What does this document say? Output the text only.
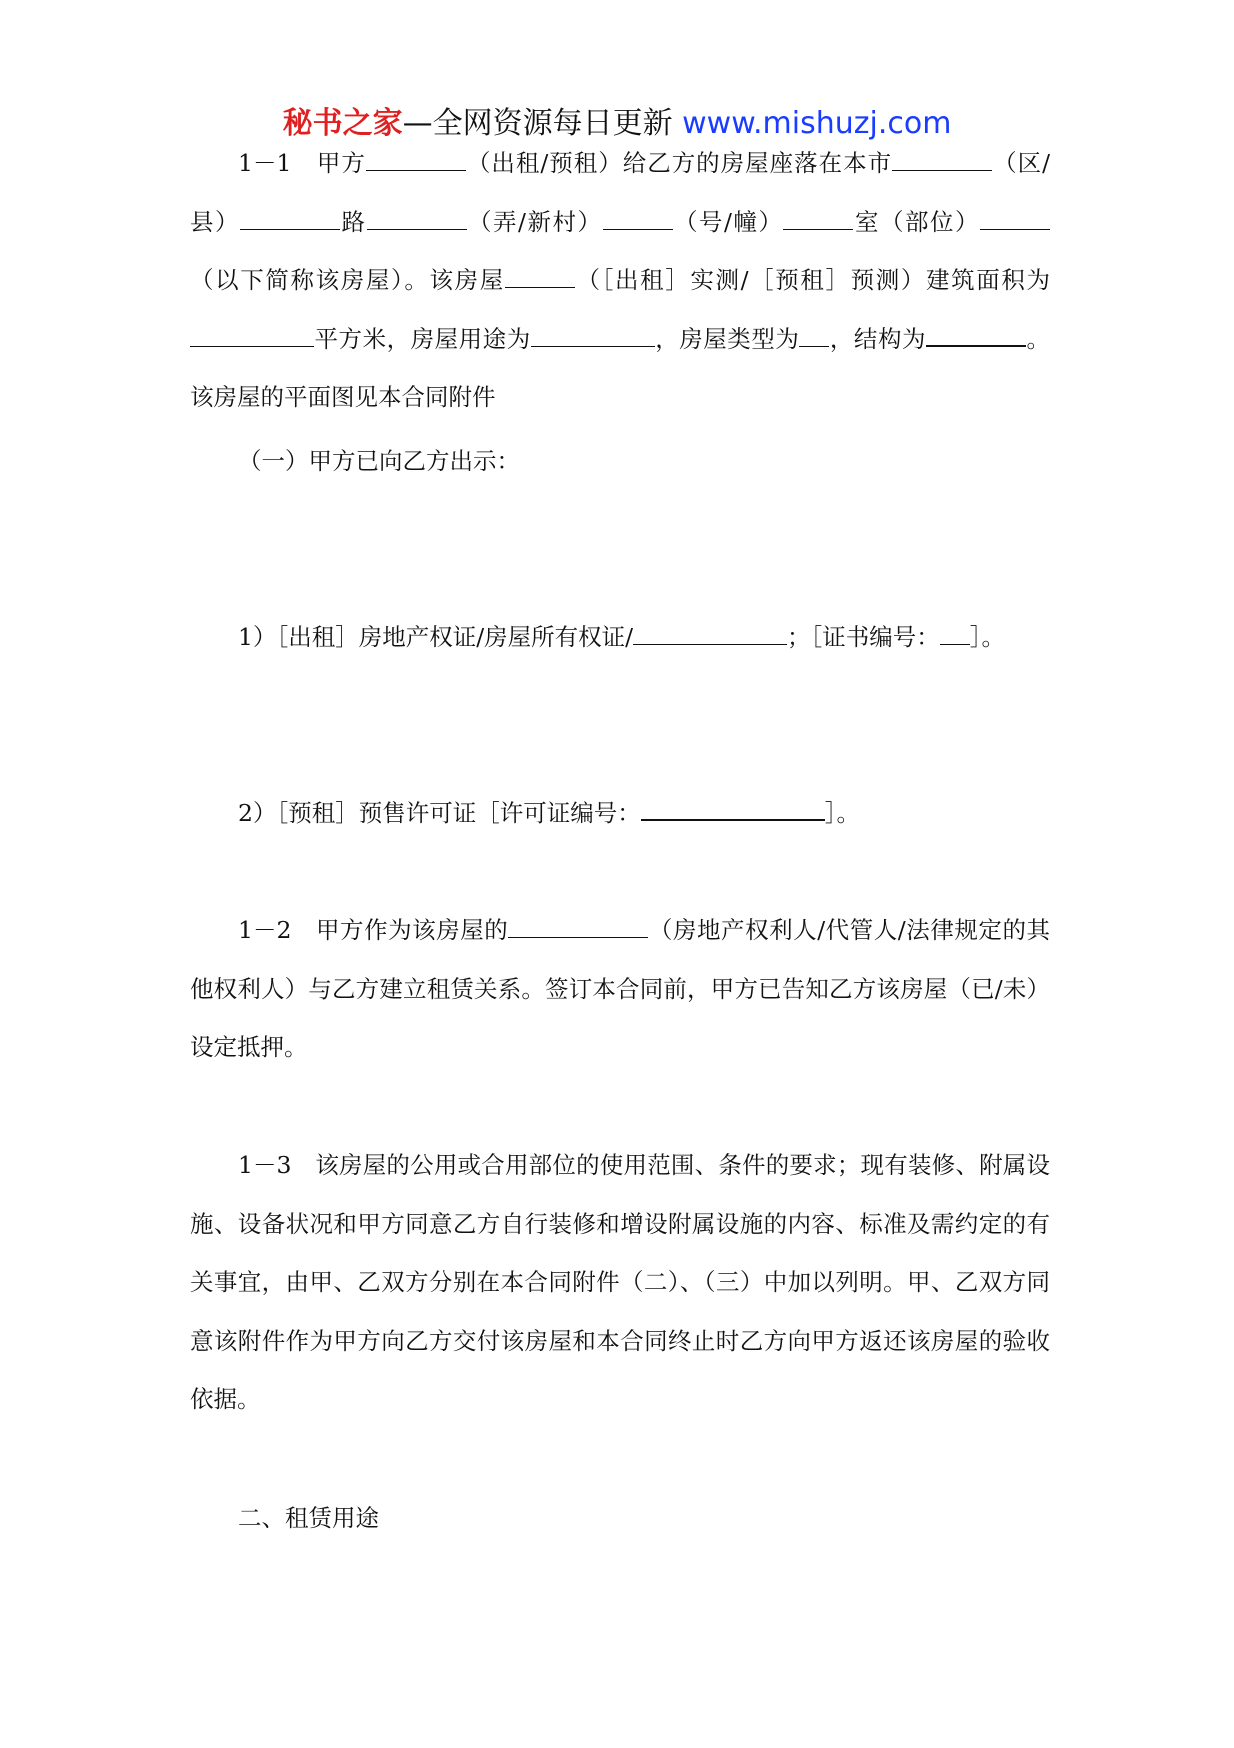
秘书之家—全网资源每日更新 www.mishuzj.com

1－1　甲方	（出租/预租）给乙方的房屋座落在本市	（区/县）	路	（弄/新村）	（号/幢）	室（部位）（以下简称该房屋）。该房屋	（［出租］实测/［预租］预测）建筑面积为平方米，房屋用途为	，房屋类型为 ，结构为	。该房屋的平面图见本合同附件

（一）甲方已向乙方出示：

1）［出租］房地产权证/房屋所有权证/	；［证书编号： ］。

2）［预租］预售许可证［许可证编号：	］。

1－2　甲方作为该房屋的	（房地产权利人/代管人/法律规定的其他权利人）与乙方建立租赁关系。签订本合同前，甲方已告知乙方该房屋（已/未）设定抵押。

1－3　该房屋的公用或合用部位的使用范围、条件的要求；现有装修、附属设施、设备状况和甲方同意乙方自行装修和增设附属设施的内容、标准及需约定的有关事宜，由甲、乙双方分别在本合同附件（二）、（三）中加以列明。甲、乙双方同意该附件作为甲方向乙方交付该房屋和本合同终止时乙方向甲方返还该房屋的验收依据。

二、租赁用途
